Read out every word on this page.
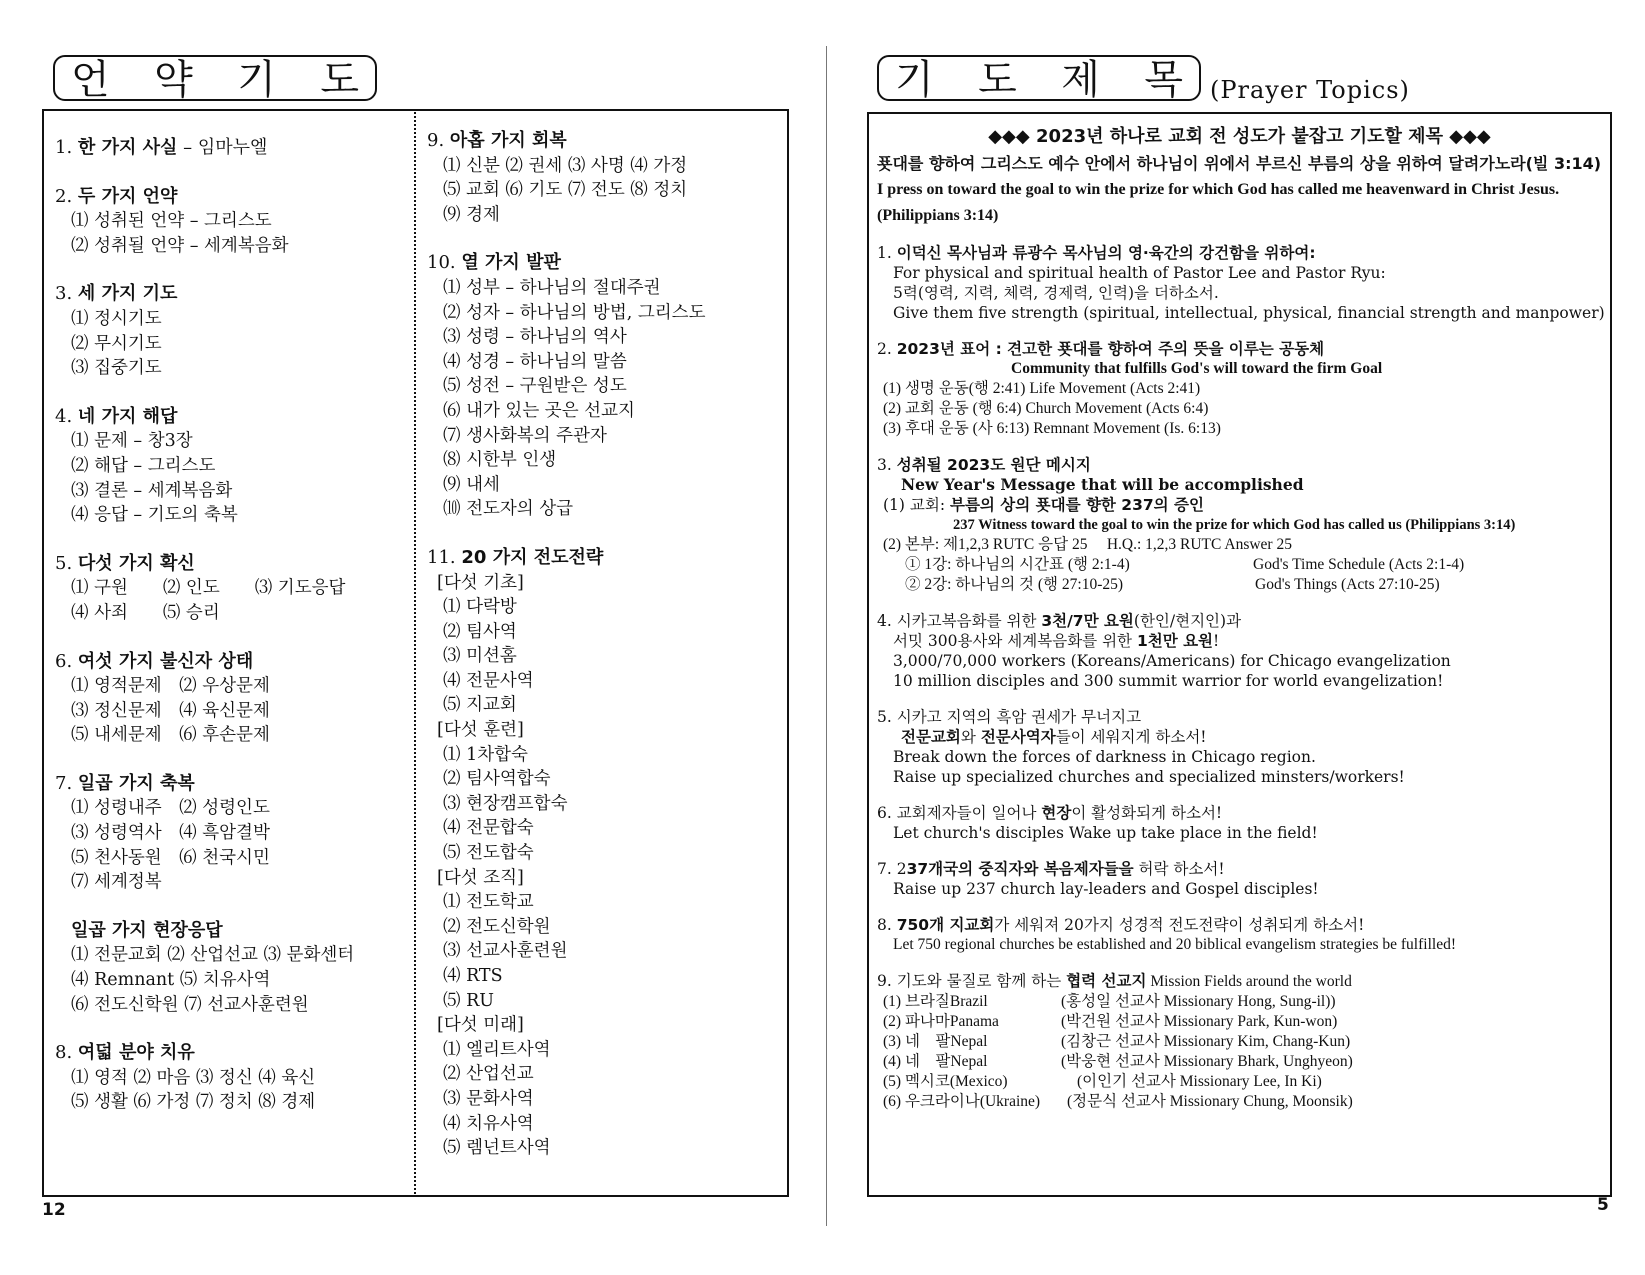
언 약 기 도
1. 한 가지 사실 – 임마누엘
2. 두 가지 언약
⑴ 성취된 언약 – 그리스도
⑵ 성취될 언약 – 세계복음화
3. 세 가지 기도
⑴ 정시기도
⑵ 무시기도
⑶ 집중기도
4. 네 가지 해답
⑴ 문제 – 창3장
⑵ 해답 – 그리스도
⑶ 결론 – 세계복음화
⑷ 응답 – 기도의 축복
5. 다섯 가지 확신
⑴ 구원　　⑵ 인도　　⑶ 기도응답
⑷ 사죄　　⑸ 승리
6. 여섯 가지 불신자 상태
⑴ 영적문제　⑵ 우상문제
⑶ 정신문제　⑷ 육신문제
⑸ 내세문제　⑹ 후손문제
7. 일곱 가지 축복
⑴ 성령내주　⑵ 성령인도
⑶ 성령역사　⑷ 흑암결박
⑸ 천사동원　⑹ 천국시민
⑺ 세계정복
일곱 가지 현장응답
⑴ 전문교회 ⑵ 산업선교 ⑶ 문화센터
⑷ Remnant ⑸ 치유사역
⑹ 전도신학원 ⑺ 선교사훈련원
8. 여덟 분야 치유
⑴ 영적 ⑵ 마음 ⑶ 정신 ⑷ 육신
⑸ 생활 ⑹ 가정 ⑺ 정치 ⑻ 경제
9. 아홉 가지 회복
⑴ 신분 ⑵ 권세 ⑶ 사명 ⑷ 가정
⑸ 교회 ⑹ 기도 ⑺ 전도 ⑻ 정치
⑼ 경제
10. 열 가지 발판
⑴ 성부 – 하나님의 절대주권
⑵ 성자 – 하나님의 방법, 그리스도
⑶ 성령 – 하나님의 역사
⑷ 성경 – 하나님의 말씀
⑸ 성전 – 구원받은 성도
⑹ 내가 있는 곳은 선교지
⑺ 생사화복의 주관자
⑻ 시한부 인생
⑼ 내세
⑽ 전도자의 상급
11. 20 가지 전도전략
[다섯 기초]
⑴ 다락방
⑵ 팀사역
⑶ 미션홈
⑷ 전문사역
⑸ 지교회
[다섯 훈련]
⑴ 1차합숙
⑵ 팀사역합숙
⑶ 현장캠프합숙
⑷ 전문합숙
⑸ 전도합숙
[다섯 조직]
⑴ 전도학교
⑵ 전도신학원
⑶ 선교사훈련원
⑷ RTS
⑸ RU
[다섯 미래]
⑴ 엘리트사역
⑵ 산업선교
⑶ 문화사역
⑷ 치유사역
⑸ 렘넌트사역
12
기 도 제 목 (Prayer Topics)
◆◆◆ 2023년 하나로 교회 전 성도가 붙잡고 기도할 제목 ◆◆◆
푯대를 향하여 그리스도 예수 안에서 하나님이 위에서 부르신 부름의 상을 위하여 달려가노라(빌 3:14)
I press on toward the goal to win the prize for which God has called me heavenward in Christ Jesus. (Philippians 3:14)
1. 이덕신 목사님과 류광수 목사님의 영·육간의 강건함을 위하여:
For physical and spiritual health of Pastor Lee and Pastor Ryu:
5력(영력, 지력, 체력, 경제력, 인력)을 더하소서.
Give them five strength (spiritual, intellectual, physical, financial strength and manpower)
2. 2023년 표어 : 견고한 푯대를 향하여 주의 뜻을 이루는 공동체
Community that fulfills God's will toward the firm Goal
(1) 생명 운동(행 2:41) Life Movement (Acts 2:41)
(2) 교회 운동 (행 6:4) Church Movement (Acts 6:4)
(3) 후대 운동 (사 6:13) Remnant Movement (Is. 6:13)
3. 성취될 2023도 원단 메시지
New Year's Message that will be accomplished
(1) 교회: 부름의 상의 푯대를 향한 237의 증인
237 Witness toward the goal to win the prize for which God has called us (Philippians 3:14)
(2) 본부: 제1,2,3 RUTC 응답 25　 H.Q.: 1,2,3 RUTC Answer 25
① 1강: 하나님의 시간표 (행 2:1-4)	God's Time Schedule (Acts 2:1-4)
② 2강: 하나님의 것 (행 27:10-25)	God's Things (Acts 27:10-25)
4. 시카고복음화를 위한 3천/7만 요원(한인/현지인)과
서밋 300용사와 세계복음화를 위한 1천만 요원!
3,000/70,000 workers (Koreans/Americans) for Chicago evangelization
10 million disciples and 300 summit warrior for world evangelization!
5. 시카고 지역의 흑암 권세가 무너지고
전문교회와 전문사역자들이 세워지게 하소서!
Break down the forces of darkness in Chicago region.
Raise up specialized churches and specialized minsters/workers!
6. 교회제자들이 일어나 현장이 활성화되게 하소서!
Let church's disciples Wake up take place in the field!
7. 237개국의 중직자와 복음제자들을 허락 하소서!
Raise up 237 church lay-leaders and Gospel disciples!
8. 750개 지교회가 세워져 20가지 성경적 전도전략이 성취되게 하소서!
Let 750 regional churches be established and 20 biblical evangelism strategies be fulfilled!
9. 기도와 물질로 함께 하는 협력 선교지 Mission Fields around the world
(1) 브라질Brazil	(홍성일 선교사 Missionary Hong, Sung-il))
(2) 파나마Panama	(박건원 선교사 Missionary Park, Kun-won)
(3) 네　팔Nepal	(김창근 선교사 Missionary Kim, Chang-Kun)
(4) 네　팔Nepal	(박웅현 선교사 Missionary Bhark, Unghyeon)
(5) 멕시코(Mexico)	(이인기 선교사 Missionary Lee, In Ki)
(6) 우크라이나(Ukraine)	(정문식 선교사 Missionary Chung, Moonsik)
5
